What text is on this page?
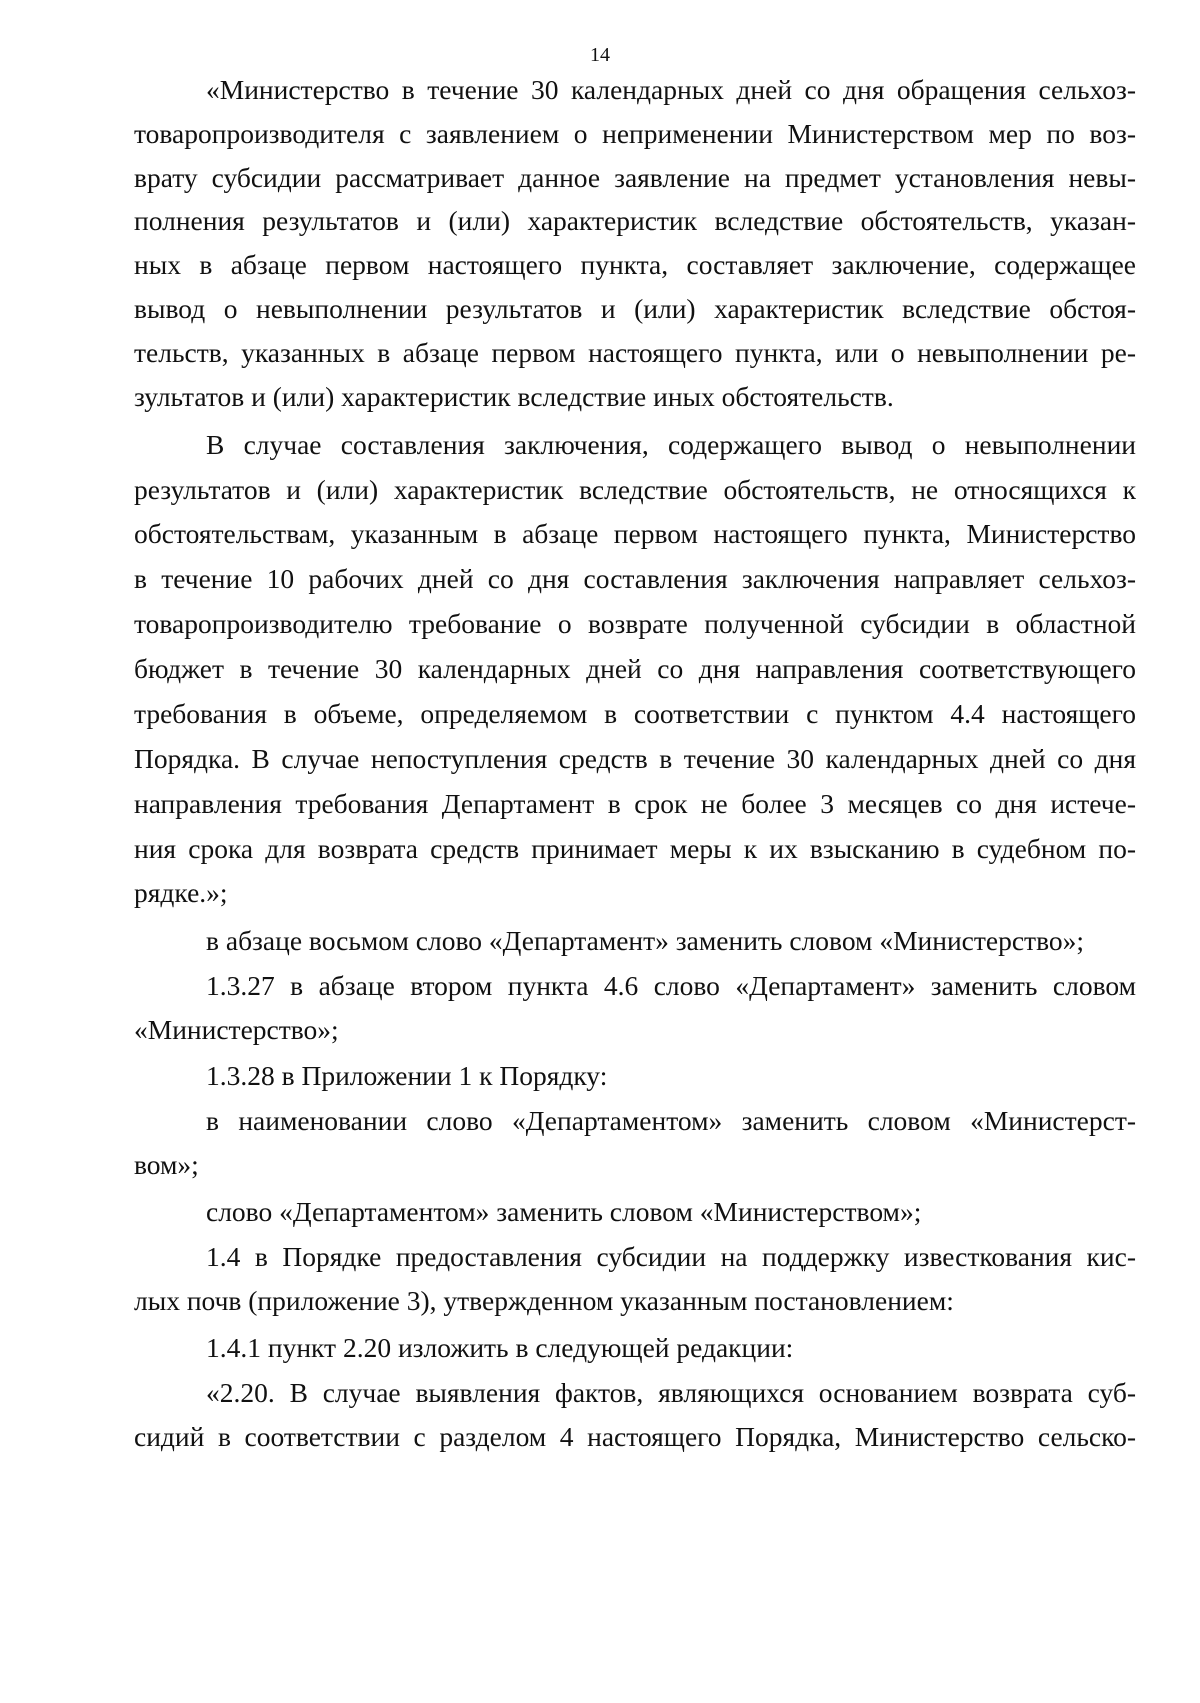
14
«Министерство в течение 30 календарных дней со дня обращения сельхоз-
товаропроизводителя с заявлением о неприменении Министерством мер по воз-
врату субсидии рассматривает данное заявление на предмет установления невы-
полнения результатов и (или) характеристик вследствие обстоятельств, указан-
ных в абзаце первом настоящего пункта, составляет заключение, содержащее
вывод о невыполнении результатов и (или) характеристик вследствие обстоя-
тельств, указанных в абзаце первом настоящего пункта, или о невыполнении ре-
зультатов и (или) характеристик вследствие иных обстоятельств.
В случае составления заключения, содержащего вывод о невыполнении
результатов и (или) характеристик вследствие обстоятельств, не относящихся к
обстоятельствам, указанным в абзаце первом настоящего пункта, Министерство
в течение 10 рабочих дней со дня составления заключения направляет сельхоз-
товаропроизводителю требование о возврате полученной субсидии в областной
бюджет в течение 30 календарных дней со дня направления соответствующего
требования в объеме, определяемом в соответствии с пунктом 4.4 настоящего
Порядка. В случае непоступления средств в течение 30 календарных дней со дня
направления требования Департамент в срок не более 3 месяцев со дня истече-
ния срока для возврата средств принимает меры к их взысканию в судебном по-
рядке.»;
в абзаце восьмом слово «Департамент» заменить словом «Министерство»;
1.3.27 в абзаце втором пункта 4.6 слово «Департамент» заменить словом
«Министерство»;
1.3.28 в Приложении 1 к Порядку:
в наименовании слово «Департаментом» заменить словом «Министерст-
вом»;
слово «Департаментом» заменить словом «Министерством»;
1.4 в Порядке предоставления субсидии на поддержку известкования кис-
лых почв (приложение 3), утвержденном указанным постановлением:
1.4.1 пункт 2.20 изложить в следующей редакции:
«2.20. В случае выявления фактов, являющихся основанием возврата суб-
сидий в соответствии с разделом 4 настоящего Порядка, Министерство сельско-
